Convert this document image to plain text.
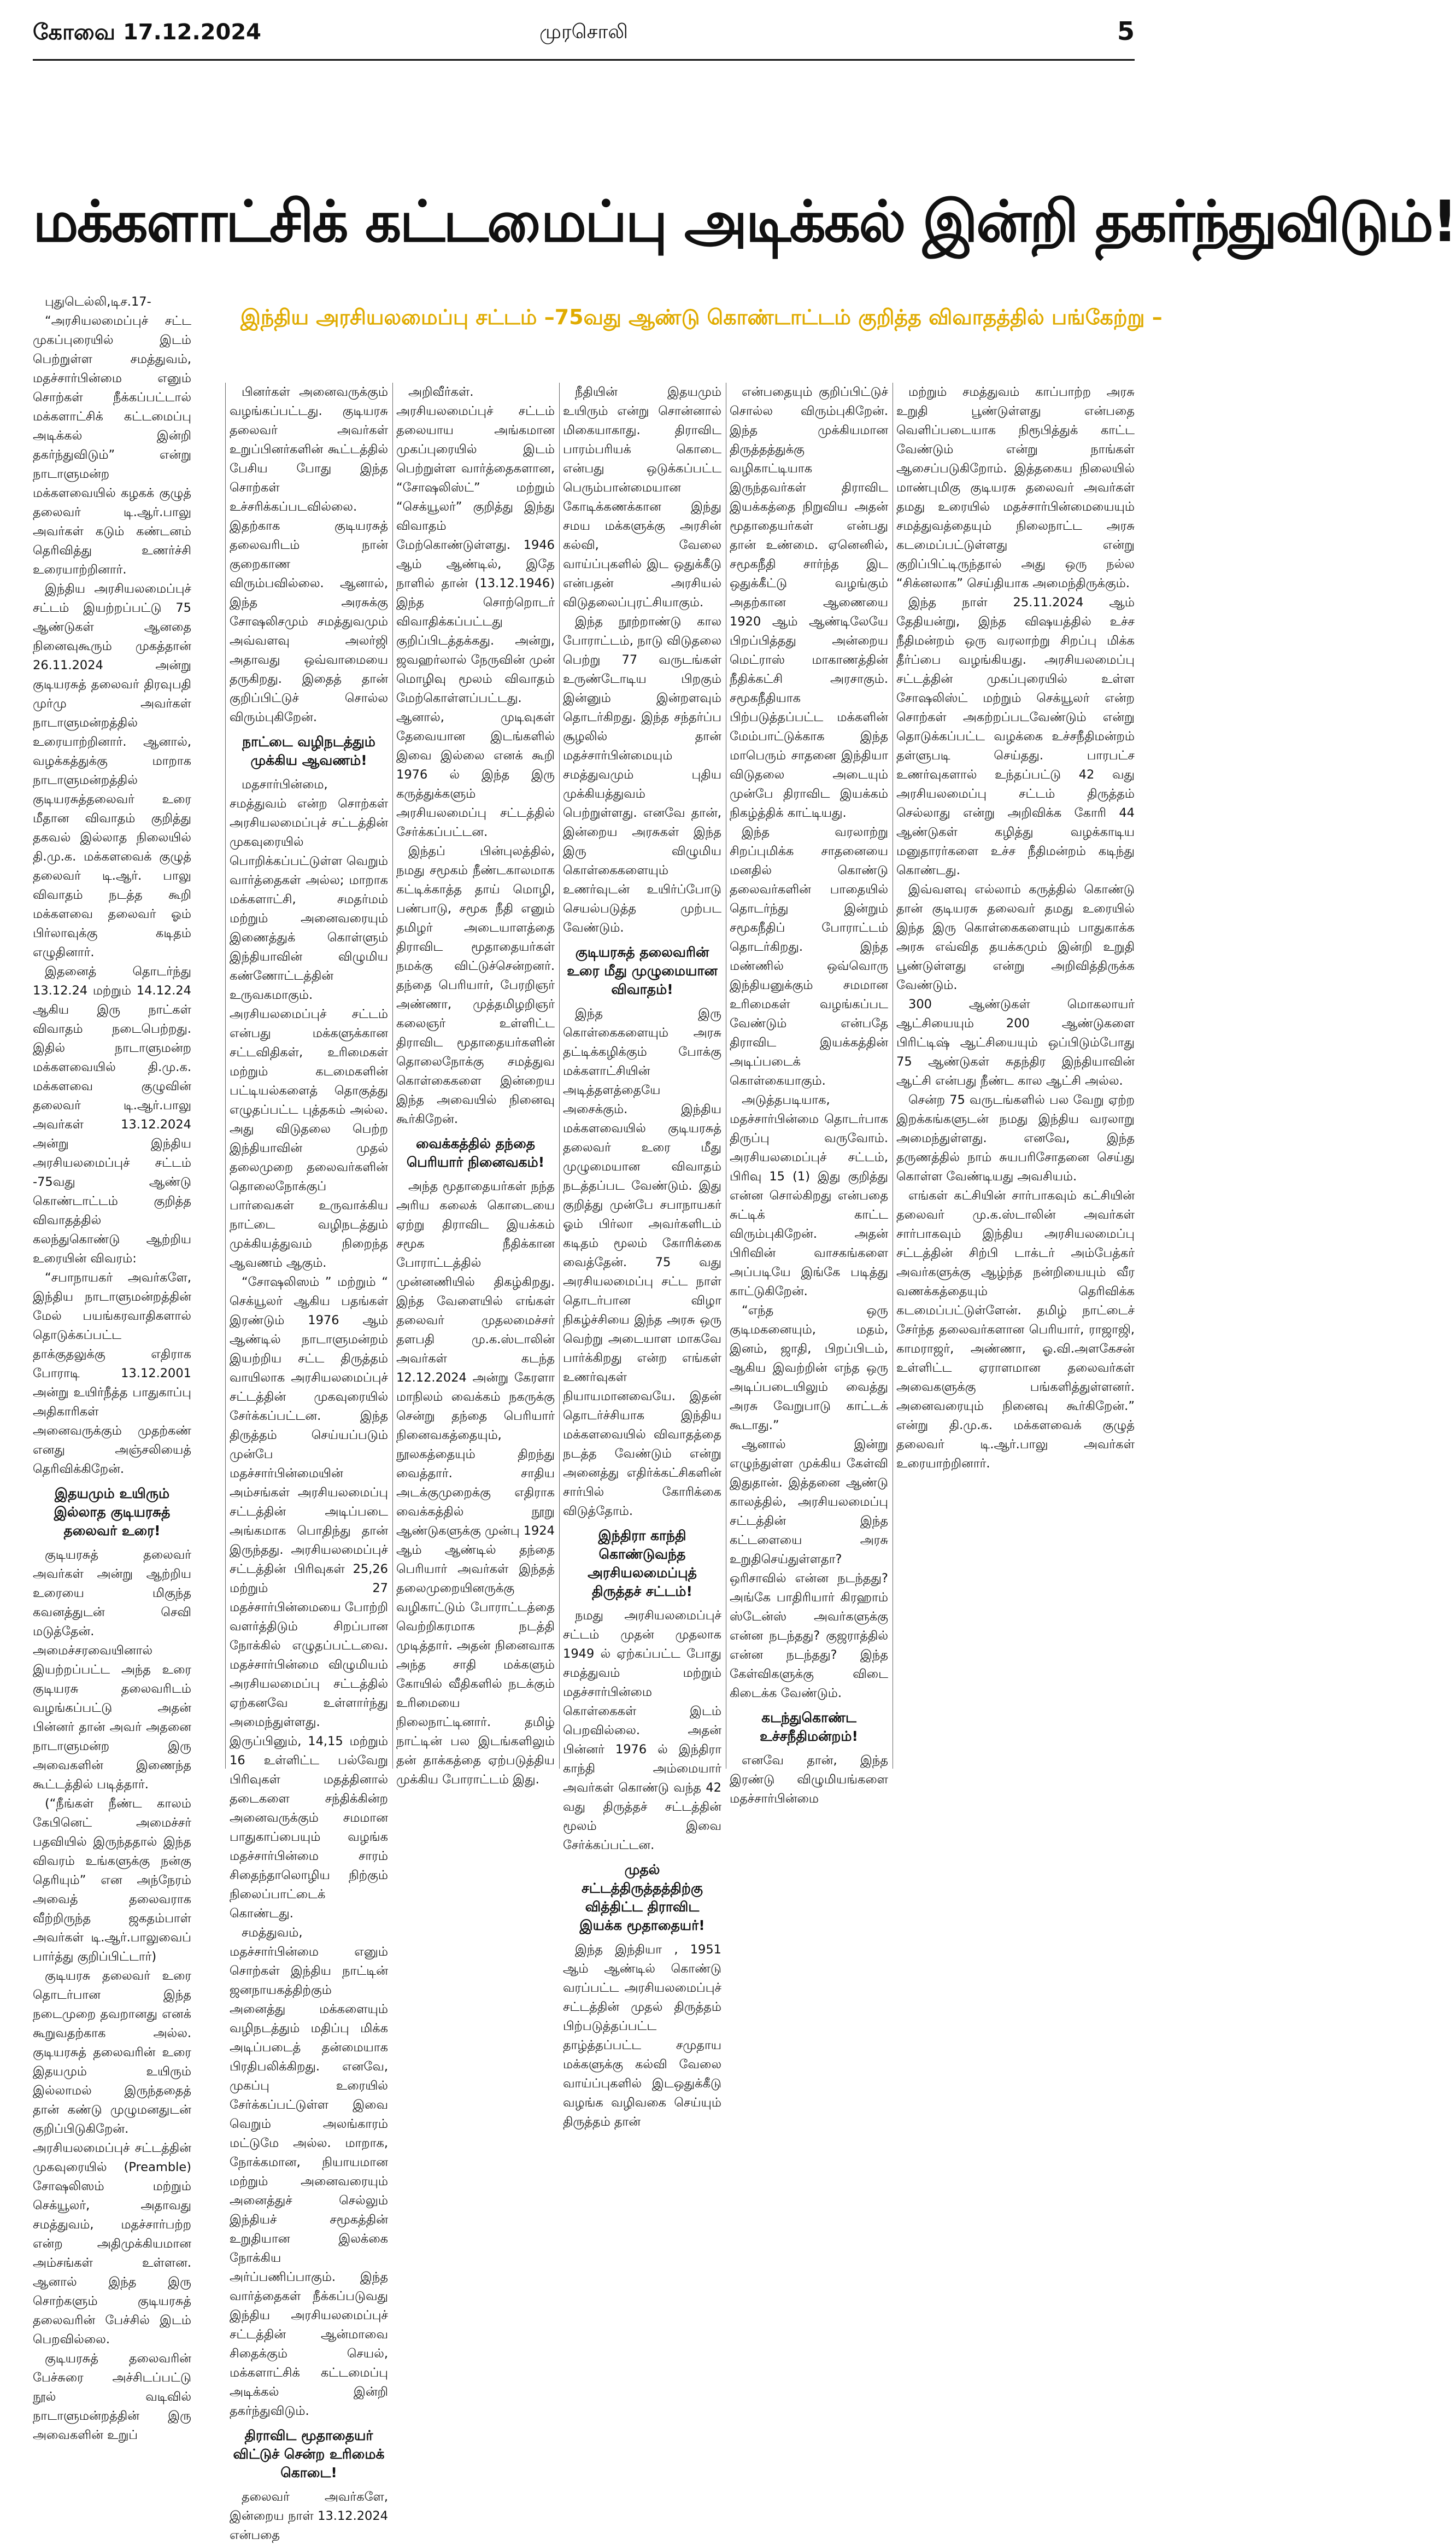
கோவை 17.12.2024	முரசொலி	5
மக்களாட்சிக் கட்டமைப்பு அடிக்கல் இன்றி தகர்ந்துவிடும்!
இந்திய அரசியலமைப்பு சட்டம் –75வது ஆண்டு கொண்டாட்டம் குறித்த விவாதத்தில் பங்கேற்று –

புதுடெல்லி,டிச.17-

“அரசியலமைப்புச் சட்ட முகப்புரையில் இடம் பெற்றுள்ள சமத்துவம், மதச்சார்பின்மை எனும் சொற்கள் நீக்கப்பட்டால் மக்களாட்சிக் கட்டமைப்பு அடிக்கல் இன்றி தகர்ந்துவிடும்” என்று நாடாளுமன்ற மக்களவையில் கழகக் குழுத் தலைவர் டி.ஆர்.பாலு அவர்கள் கடும் கண்டனம் தெரிவித்து உணர்ச்சி உரையாற்றினார்.

இந்திய அரசியலமைப்புச் சட்டம் இயற்றப்பட்டு 75 ஆண்டுகள் ஆனதை நினைவுகூரும் முகத்தான் 26.11.2024 அன்று குடியரசுத் தலைவர் திரவுபதி முர்மு அவர்கள் நாடாளுமன்றத்தில் உரையாற்றினார். ஆனால், வழக்கத்துக்கு மாறாக நாடாளுமன்றத்தில் குடியரசுத்தலைவர் உரை மீதான விவாதம் குறித்து தகவல் இல்லாத நிலையில் தி.மு.க. மக்களவைக் குழுத் தலைவர் டி.ஆர். பாலு விவாதம் நடத்த கூறி மக்களவை தலைவர் ஓம் பிர்லாவுக்கு கடிதம் எழுதினார்.

இதனைத் தொடர்ந்து 13.12.24 மற்றும் 14.12.24 ஆகிய இரு நாட்கள் விவாதம் நடைபெற்றது. இதில் நாடாளுமன்ற மக்களவையில் தி.மு.க. மக்களவை குழுவின் தலைவர் டி.ஆர்.பாலு அவர்கள் 13.12.2024 அன்று இந்திய அரசியலமைப்புச் சட்டம் -75வது ஆண்டு கொண்டாட்டம் குறித்த விவாதத்தில் கலந்துகொண்டு ஆற்றிய உரையின் விவரம்:

“சபாநாயகர் அவர்களே, இந்திய நாடாளுமன்றத்தின் மேல் பயங்கரவாதிகளால் தொடுக்கப்பட்ட தாக்குதலுக்கு எதிராக போராடி 13.12.2001 அன்று உயிர்நீத்த பாதுகாப்பு அதிகாரிகள் அனைவருக்கும் முதற்கண் எனது அஞ்சலியைத் தெரிவிக்கிறேன்.

இதயமும் உயிரும் இல்லாத குடியரசுத் தலைவர் உரை!

குடியரசுத் தலைவர் அவர்கள் அன்று ஆற்றிய உரையை மிகுந்த கவனத்துடன் செவி மடுத்தேன். அமைச்சரவையினால் இயற்றப்பட்ட அந்த உரை குடியரசு தலைவரிடம் வழங்கப்பட்டு அதன் பின்னர் தான் அவர் அதனை நாடாளுமன்ற இரு அவைகளின் இணைந்த கூட்டத்தில் படித்தார்.

(“நீங்கள் நீண்ட காலம் கேபினெட் அமைச்சர் பதவியில் இருந்ததால் இந்த விவரம் உங்களுக்கு நன்கு தெரியும்” என அந்நேரம் அவைத் தலைவராக வீற்றிருந்த ஜகதம்பாள் அவர்கள் டி.ஆர்.பாலுவைப் பார்த்து குறிப்பிட்டார்)

குடியரசு தலைவர் உரை தொடர்பான இந்த நடைமுறை தவறானது எனக் கூறுவதற்காக அல்ல. குடியரசுத் தலைவரின் உரை இதயமும் உயிரும் இல்லாமல் இருந்ததைத் தான் கண்டு முழுமனதுடன் குறிப்பிடுகிறேன். அரசியலமைப்புச் சட்டத்தின் முகவுரையில் (Preamble) சோஷலிஸம் மற்றும் செக்யூலர், அதாவது சமத்துவம், மதச்சார்பற்ற என்ற அதிமுக்கியமான அம்சங்கள் உள்ளன. ஆனால் இந்த இரு சொற்களும் குடியரசுத் தலைவரின் பேச்சில் இடம் பெறவில்லை.

குடியரசுத் தலைவரின் பேச்சுரை அச்சிடப்பட்டு நூல் வடிவில் நாடாளுமன்றத்தின் இரு அவைகளின் உறுப்

பினர்கள் அனைவருக்கும் வழங்கப்பட்டது. குடியரசு தலைவர் அவர்கள் உறுப்பினர்களின் கூட்டத்தில் பேசிய போது இந்த சொற்கள் உச்சரிக்கப்படவில்லை. இதற்காக குடியரசுத் தலைவரிடம் நான் குறைகாண விரும்பவில்லை. ஆனால், இந்த அரசுக்கு சோஷலிசமும் சமத்துவமும் அவ்வளவு அலர்ஜி அதாவது ஒவ்வாமையை தருகிறது. இதைத் தான் குறிப்பிட்டுச் சொல்ல விரும்புகிறேன்.

நாட்டை வழிநடத்தும் முக்கிய ஆவணம்!

மதசார்பின்மை, சமத்துவம் என்ற சொற்கள் அரசியலமைப்புச் சட்டத்தின் முகவுரையில் பொறிக்கப்பட்டுள்ள வெறும் வார்த்தைகள் அல்ல; மாறாக மக்களாட்சி, சமதர்மம் மற்றும் அனைவரையும் இணைத்துக் கொள்ளும் இந்தியாவின் விழுமிய கண்ணோட்டத்தின் உருவகமாகும். அரசியலமைப்புச் சட்டம் என்பது மக்களுக்கான சட்டவிதிகள், உரிமைகள் மற்றும் கடமைகளின் பட்டியல்களைத் தொகுத்து எழுதப்பட்ட புத்தகம் அல்ல. அது விடுதலை பெற்ற இந்தியாவின் முதல் தலைமுறை தலைவர்களின் தொலைநோக்குப் பார்வைகள் உருவாக்கிய நாட்டை வழிநடத்தும் முக்கியத்துவம் நிறைந்த ஆவணம் ஆகும்.

“சோஷலிஸம் ” மற்றும் “ செக்யூலர் ஆகிய பதங்கள் இரண்டும் 1976 ஆம் ஆண்டில் நாடாளுமன்றம் இயற்றிய சட்ட திருத்தம் வாயிலாக அரசியலமைப்புச் சட்டத்தின் முகவுரையில் சேர்க்கப்பட்டன. இந்த திருத்தம் செய்யப்படும் முன்பே மதச்சார்பின்மையின் அம்சங்கள் அரசியலமைப்பு சட்டத்தின் அடிப்படை அங்கமாக பொதிந்து தான் இருந்தது. அரசியலமைப்புச் சட்டத்தின் பிரிவுகள் 25,26 மற்றும் 27 மதச்சார்பின்மையை போற்றி வளர்த்திடும் சிறப்பான நோக்கில் எழுதப்பட்டவை. மதச்சார்பின்மை விழுமியம் அரசியலமைப்பு சட்டத்தில் ஏற்கனவே உள்ளார்ந்து அமைந்துள்ளது. இருப்பினும், 14,15 மற்றும் 16 உள்ளிட்ட பல்வேறு பிரிவுகள் மதத்தினால் தடைகளை சந்திக்கின்ற அனைவருக்கும் சமமான பாதுகாப்பையும் வழங்க மதச்சார்பின்மை சாரம் சிதைந்தாலொழிய நிற்கும் நிலைப்பாட்டைக் கொண்டது.

சமத்துவம், மதச்சார்பின்மை எனும் சொற்கள் இந்திய நாட்டின் ஜனநாயகத்திற்கும் அனைத்து மக்களையும் வழிநடத்தும் மதிப்பு மிக்க அடிப்படைத் தன்மையாக பிரதிபலிக்கிறது. எனவே, முகப்பு உரையில் சேர்க்கப்பட்டுள்ள இவை வெறும் அலங்காரம் மட்டுமே அல்ல. மாறாக, நோக்கமான, நியாயமான மற்றும் அனைவரையும் அனைத்துச் செல்லும் இந்தியச் சமூகத்தின் உறுதியான இலக்கை நோக்கிய அர்ப்பணிப்பாகும். இந்த வார்த்தைகள் நீக்கப்படுவது இந்திய அரசியலமைப்புச் சட்டத்தின் ஆன்மாவை சிதைக்கும் செயல், மக்களாட்சிக் கட்டமைப்பு அடிக்கல் இன்றி தகர்ந்துவிடும்.

திராவிட மூதாதையர் விட்டுச் சென்ற உரிமைக் கொடை!

தலைவர் அவர்களே, இன்றைய நாள் 13.12.2024 என்பதை

அறிவீர்கள். அரசியலமைப்புச் சட்டம் தலையாய அங்கமான முகப்புரையில் இடம் பெற்றுள்ள வார்த்தைகளான, “சோஷலிஸ்ட்” மற்றும் “செக்யூலர்” குறித்து இந்து விவாதம் மேற்கொண்டுள்ளது. 1946 ஆம் ஆண்டில், இதே நாளில் தான் (13.12.1946) இந்த சொற்றொடர் விவாதிக்கப்பட்டது குறிப்பிடத்தக்கது. அன்று, ஜவஹர்லால் நேருவின் முன் மொழிவு மூலம் விவாதம் மேற்கொள்ளப்பட்டது. ஆனால், முடிவுகள் தேவையான இடங்களில் இவை இல்லை எனக் கூறி 1976 ல் இந்த இரு கருத்துக்களும் அரசியலமைப்பு சட்டத்தில் சேர்க்கப்பட்டன.

இந்தப் பின்புலத்தில், நமது சமூகம் நீண்டகாலமாக கட்டிக்காத்த தாய் மொழி, பண்பாடு, சமூக நீதி எனும் தமிழர் அடையாளத்தை திராவிட மூதாதையர்கள் நமக்கு விட்டுச்சென்றனர். தந்தை பெரியார், பேரறிஞர் அண்ணா, முத்தமிழறிஞர் கலைஞர் உள்ளிட்ட திராவிட மூதாதையர்களின் தொலைநோக்கு சமத்துவ கொள்கைகளை இன்றைய இந்த அவையில் நினைவு கூர்கிறேன்.

வைக்கத்தில் தந்தை பெரியார் நினைவகம்!

அந்த மூதாதையர்கள் நந்த அரிய கலைக் கொடையை ஏற்று திராவிட இயக்கம் சமூக நீதிக்கான போராட்டத்தில் முன்னணியில் திகழ்கிறது. இந்த வேளையில் எங்கள் தலைவர் முதலமைச்சர் தளபதி மு.க.ஸ்டாலின் அவர்கள் கடந்த 12.12.2024 அன்று கேரளா மாநிலம் வைக்கம் நகருக்கு சென்று தந்தை பெரியார் நினைவகத்தையும், நூலகத்தையும் திறந்து வைத்தார். சாதிய அடக்குமுறைக்கு எதிராக வைக்கத்தில் நூறு ஆண்டுகளுக்கு முன்பு 1924 ஆம் ஆண்டில் தந்தை பெரியார் அவர்கள் இந்தத் தலைமுறையினருக்கு வழிகாட்டும் போராட்டத்தை வெற்றிகரமாக நடத்தி முடித்தார். அதன் நினைவாக அந்த சாதி மக்களும் கோயில் வீதிகளில் நடக்கும் உரிமையை நிலைநாட்டினார். தமிழ் நாட்டின் பல இடங்களிலும் தன் தாக்கத்தை ஏற்படுத்திய முக்கிய போராட்டம் இது.

நீதியின் இதயமும் உயிரும் என்று சொன்னால் மிகையாகாது. திராவிட பாரம்பரியக் கொடை என்பது ஒடுக்கப்பட்ட பெரும்பான்மையான கோடிக்கணக்கான இந்து சமய மக்களுக்கு அரசின் கல்வி, வேலை வாய்ப்புகளில் இட ஒதுக்கீடு என்பதன் அரசியல் விடுதலைப்புரட்சியாகும்.

இந்த நூற்றாண்டு கால போராட்டம், நாடு விடுதலை பெற்று 77 வருடங்கள் உருண்டோடிய பிறகும் இன்னும் இன்றளவும் தொடர்கிறது. இந்த சந்தர்ப்ப சூழலில் தான் மதச்சார்பின்மையும் சமத்துவமும் புதிய முக்கியத்துவம் பெற்றுள்ளது. எனவே தான், இன்றைய அரசுகள் இந்த இரு விழுமிய கொள்கைகளையும் உணர்வுடன் உயிர்ப்போடு செயல்படுத்த முற்பட வேண்டும்.

குடியரசுத் தலைவரின் உரை மீது முழுமையான விவாதம்!

இந்த இரு கொள்கைகளையும் அரசு தட்டிக்கழிக்கும் போக்கு மக்களாட்சியின் அடித்தளத்தையே அசைக்கும். இந்திய மக்களவையில் குடியரசுத் தலைவர் உரை மீது முழுமையான விவாதம் நடத்தப்பட வேண்டும். இது குறித்து முன்பே சபாநாயகர் ஓம் பிர்லா அவர்களிடம் கடிதம் மூலம் கோரிக்கை வைத்தேன். 75 வது அரசியலமைப்பு சட்ட நாள் தொடர்பான விழா நிகழ்ச்சியை இந்த அரசு ஒரு வெற்று அடையாள மாகவே பார்க்கிறது என்ற எங்கள் உணர்வுகள் நியாயமானவையே. இதன் தொடர்ச்சியாக இந்திய மக்களவையில் விவாதத்தை நடத்த வேண்டும் என்று அனைத்து எதிர்க்கட்சிகளின் சார்பில் கோரிக்கை விடுத்தோம்.

இந்திரா காந்தி கொண்டுவந்த அரசியலமைப்புத் திருத்தச் சட்டம்!

நமது அரசியலமைப்புச் சட்டம் முதன் முதலாக 1949 ல் ஏற்கப்பட்ட போது சமத்துவம் மற்றும் மதச்சார்பின்மை கொள்கைகள் இடம் பெறவில்லை. அதன் பின்னர் 1976 ல் இந்திரா காந்தி அம்மையார் அவர்கள் கொண்டு வந்த 42 வது திருத்தச் சட்டத்தின் மூலம் இவை சேர்க்கப்பட்டன.

முதல் சட்டத்திருத்தத்திற்கு வித்திட்ட திராவிட இயக்க மூதாதையர்!

இந்த இந்தியா , 1951 ஆம் ஆண்டில் கொண்டு வரப்பட்ட அரசியலமைப்புச் சட்டத்தின் முதல் திருத்தம் பிற்படுத்தப்பட்ட தாழ்த்தப்பட்ட சமுதாய மக்களுக்கு கல்வி வேலை வாய்ப்புகளில் இடஒதுக்கீடு வழங்க வழிவகை செய்யும் திருத்தம் தான்

என்பதையும் குறிப்பிட்டுச் சொல்ல விரும்புகிறேன். இந்த முக்கியமான திருத்தத்துக்கு வழிகாட்டியாக இருந்தவர்கள் திராவிட இயக்கத்தை நிறுவிய அதன் மூதாதையர்கள் என்பது தான் உண்மை. ஏனெனில், சமூகநீதி சார்ந்த இட ஒதுக்கீட்டு வழங்கும் அதற்கான ஆணையை 1920 ஆம் ஆண்டிலேயே பிறப்பித்தது அன்றைய மெட்ராஸ் மாகாணத்தின் நீதிக்கட்சி அரசாகும். சமூகநீதியாக பிற்படுத்தப்பட்ட மக்களின் மேம்பாட்டுக்காக இந்த மாபெரும் சாதனை இந்தியா விடுதலை அடையும் முன்பே திராவிட இயக்கம் நிகழ்த்திக் காட்டியது.

இந்த வரலாற்று சிறப்புமிக்க சாதனையை மனதில் கொண்டு தலைவர்களின் பாதையில் தொடர்ந்து இன்றும் சமூகநீதிப் போராட்டம் தொடர்கிறது. இந்த மண்ணில் ஒவ்வொரு இந்தியனுக்கும் சமமான உரிமைகள் வழங்கப்பட வேண்டும் என்பதே திராவிட இயக்கத்தின் அடிப்படைக் கொள்கையாகும்.

அடுத்தபடியாக, மதச்சார்பின்மை தொடர்பாக திருப்பு வருவோம். அரசியலமைப்புச் சட்டம், பிரிவு 15 (1) இது குறித்து என்ன சொல்கிறது என்பதை சுட்டிக் காட்ட விரும்புகிறேன். அதன் பிரிவின் வாசகங்களை அப்படியே இங்கே படித்து காட்டுகிறேன்.

“எந்த ஒரு குடிமகனையும், மதம், இனம், ஜாதி, பிறப்பிடம், ஆகிய இவற்றின் எந்த ஒரு அடிப்படையிலும் வைத்து அரசு வேறுபாடு காட்டக் கூடாது.”

ஆனால் இன்று எழுந்துள்ள முக்கிய கேள்வி இதுதான். இத்தனை ஆண்டு காலத்தில், அரசியலமைப்பு சட்டத்தின் இந்த கட்டளையை அரசு உறுதிசெய்துள்ளதா? ஒரிசாவில் என்ன நடந்தது? அங்கே பாதிரியார் கிரஹாம் ஸ்டேன்ஸ் அவர்களுக்கு என்ன நடந்தது? குஜராத்தில் என்ன நடந்தது? இந்த கேள்விகளுக்கு விடை கிடைக்க வேண்டும்.

கடந்துகொண்ட உச்சநீதிமன்றம்!

எனவே தான், இந்த இரண்டு விழுமியங்களை மதச்சார்பின்மை

மற்றும் சமத்துவம் காப்பாற்ற அரசு உறுதி பூண்டுள்ளது என்பதை வெளிப்படையாக நிரூபித்துக் காட்ட வேண்டும் என்று நாங்கள் ஆசைப்படுகிறோம். இத்தகைய நிலையில் மாண்புமிகு குடியரசு தலைவர் அவர்கள் தமது உரையில் மதச்சார்பின்மையையும் சமத்துவத்தையும் நிலைநாட்ட அரசு கடமைப்பட்டுள்ளது என்று குறிப்பிட்டிருந்தால் அது ஒரு நல்ல “சிக்னலாக” செய்தியாக அமைந்திருக்கும்.

இந்த நாள் 25.11.2024 ஆம் தேதியன்று, இந்த விஷயத்தில் உச்ச நீதிமன்றம் ஒரு வரலாற்று சிறப்பு மிக்க தீர்ப்பை வழங்கியது. அரசியலமைப்பு சட்டத்தின் முகப்புரையில் உள்ள சோஷலிஸ்ட் மற்றும் செக்யூலர் என்ற சொற்கள் அகற்றப்படவேண்டும் என்று தொடுக்கப்பட்ட வழக்கை உச்சநீதிமன்றம் தள்ளுபடி செய்தது. பாரபட்ச உணர்வுகளால் உந்தப்பட்டு 42 வது அரசியலமைப்பு சட்டம் திருத்தம் செல்லாது என்று அறிவிக்க கோரி 44 ஆண்டுகள் கழித்து வழக்காடிய மனுதாரர்களை உச்ச நீதிமன்றம் கடிந்து கொண்டது.

இவ்வளவு எல்லாம் கருத்தில் கொண்டு தான் குடியரசு தலைவர் தமது உரையில் இந்த இரு கொள்கைகளையும் பாதுகாக்க அரசு எவ்வித தயக்கமும் இன்றி உறுதி பூண்டுள்ளது என்று அறிவித்திருக்க வேண்டும்.

300 ஆண்டுகள் மொகலாயர் ஆட்சியையும் 200 ஆண்டுகளை பிரிட்டிஷ் ஆட்சியையும் ஒப்பிடும்போது 75 ஆண்டுகள் சுதந்திர இந்தியாவின் ஆட்சி என்பது நீண்ட கால ஆட்சி அல்ல.

சென்ற 75 வருடங்களில் பல வேறு ஏற்ற இறக்கங்களுடன் நமது இந்திய வரலாறு அமைந்துள்ளது. எனவே, இந்த தருணத்தில் நாம் சுயபரிசோதனை செய்து கொள்ள வேண்டியது அவசியம்.

எங்கள் கட்சியின் சார்பாகவும் கட்சியின் தலைவர் மு.க.ஸ்டாலின் அவர்கள் சார்பாகவும் இந்திய அரசியலமைப்பு சட்டத்தின் சிற்பி டாக்டர் அம்பேத்கர் அவர்களுக்கு ஆழ்ந்த நன்றியையும் வீர வணக்கத்தையும் தெரிவிக்க கடமைப்பட்டுள்ளேன். தமிழ் நாட்டைச் சேர்ந்த தலைவர்களான பெரியார், ராஜாஜி, காமராஜர், அண்ணா, ஓ.வி.அளகேசன் உள்ளிட்ட ஏராளமான தலைவர்கள் அவைகளுக்கு பங்களித்துள்ளனர். அனைவரையும் நினைவு கூர்கிறேன்.” என்று தி.மு.க. மக்களவைக் குழுத் தலைவர் டி.ஆர்.பாலு அவர்கள் உரையாற்றினார்.
